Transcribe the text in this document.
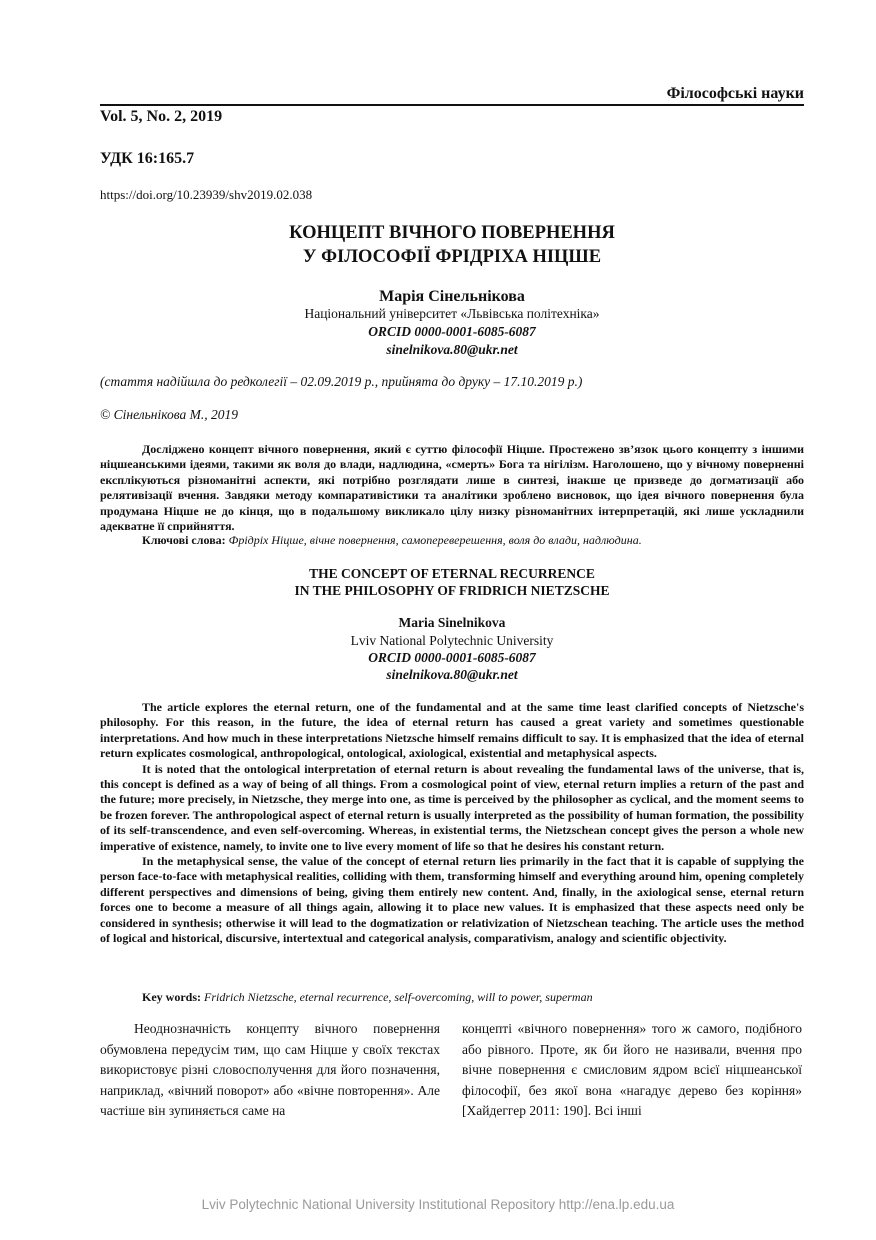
Філософські науки
Vol. 5, No. 2, 2019
УДК 16:165.7
https://doi.org/10.23939/shv2019.02.038
КОНЦЕПТ ВІЧНОГО ПОВЕРНЕННЯ
У ФІЛОСОФІЇ ФРІДРІХА НІЦШЕ
Марія Сінельнікова
Національний університет «Львівська політехніка»
ORCID 0000-0001-6085-6087
sinelnikova.80@ukr.net
(стаття надійшла до редколегії – 02.09.2019 р., прийнята до друку – 17.10.2019 р.)
© Сінельнікова М., 2019

Досліджено концепт вічного повернення, який є суттю філософії Ніцше. Простежено зв’язок цього концепту з іншими ніцшеанськими ідеями, такими як воля до влади, надлюдина, «смерть» Бога та нігілізм. Наголошено, що у вічному поверненні експлікуються різноманітні аспекти, які потрібно розглядати лише в синтезі, інакше це призведе до догматизації або релятивізації вчення. Завдяки методу компаративістики та аналітики зроблено висновок, що ідея вічного повернення була продумана Ніцше не до кінця, що в подальшому викликало цілу низку різноманітних інтерпретацій, які лише ускладнили адекватне її сприйняття.

Ключові слова: Фрідріх Ніцше, вічне повернення, самопереверешення, воля до влади, надлюдина.
THE CONCEPT OF ETERNAL RECURRENCE
IN THE PHILOSOPHY OF FRIDRICH NIETZSCHE
Maria Sinelnikova
Lviv National Polytechnic University
ORCID 0000-0001-6085-6087
sinelnikova.80@ukr.net

The article explores the eternal return, one of the fundamental and at the same time least clarified concepts of Nietzsche's philosophy. For this reason, in the future, the idea of eternal return has caused a great variety and sometimes questionable interpretations. And how much in these interpretations Nietzsche himself remains difficult to say. It is emphasized that the idea of eternal return explicates cosmological, anthropological, ontological, axiological, existential and metaphysical aspects.

It is noted that the ontological interpretation of eternal return is about revealing the fundamental laws of the universe, that is, this concept is defined as a way of being of all things. From a cosmological point of view, eternal return implies a return of the past and the future; more precisely, in Nietzsche, they merge into one, as time is perceived by the philosopher as cyclical, and the moment seems to be frozen forever. The anthropological aspect of eternal return is usually interpreted as the possibility of human formation, the possibility of its self-transcendence, and even self-overcoming. Whereas, in existential terms, the Nietzschean concept gives the person a whole new imperative of existence, namely, to invite one to live every moment of life so that he desires his constant return.

In the metaphysical sense, the value of the concept of eternal return lies primarily in the fact that it is capable of supplying the person face-to-face with metaphysical realities, colliding with them, transforming himself and everything around him, opening completely different perspectives and dimensions of being, giving them entirely new content. And, finally, in the axiological sense, eternal return forces one to become a measure of all things again, allowing it to place new values. It is emphasized that these aspects need only be considered in synthesis; otherwise it will lead to the dogmatization or relativization of Nietzschean teaching. The article uses the method of logical and historical, discursive, intertextual and categorical analysis, comparativism, analogy and scientific objectivity.

Key words: Fridrich Nietzsche, eternal recurrence, self-overcoming, will to power, superman

Неоднозначність концепту вічного повернення обумовлена передусім тим, що сам Ніцше у своїх текстах використовує різні словосполучення для його позначення, наприклад, «вічний поворот» або «вічне повторення». Але частіше він зупиняється саме на

концепті «вічного повернення» того ж самого, подібного або рівного. Проте, як би його не називали, вчення про вічне повернення є смисловим ядром всієї ніцшеанської філософії, без якої вона «нагадує дерево без коріння» [Хайдеггер 2011: 190]. Всі інші

Lviv Polytechnic National University Institutional Repository http://ena.lp.edu.ua
